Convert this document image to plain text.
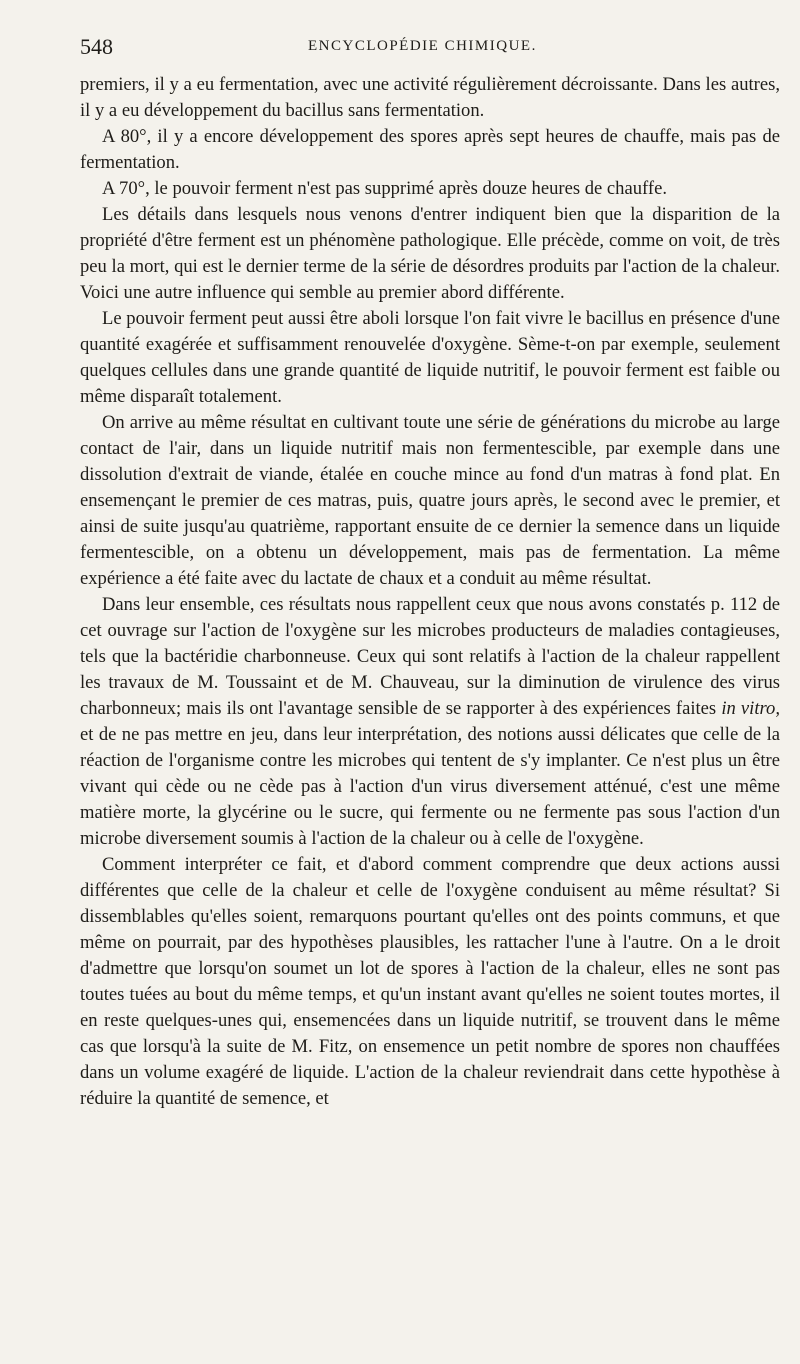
548	ENCYCLOPÉDIE CHIMIQUE.

premiers, il y a eu fermentation, avec une activité régulièrement décroissante. Dans les autres, il y a eu développement du bacillus sans fermentation.

A 80°, il y a encore développement des spores après sept heures de chauffe, mais pas de fermentation.

A 70°, le pouvoir ferment n'est pas supprimé après douze heures de chauffe.

Les détails dans lesquels nous venons d'entrer indiquent bien que la disparition de la propriété d'être ferment est un phénomène pathologique. Elle précède, comme on voit, de très peu la mort, qui est le dernier terme de la série de désordres produits par l'action de la chaleur. Voici une autre influence qui semble au premier abord différente.

Le pouvoir ferment peut aussi être aboli lorsque l'on fait vivre le bacillus en présence d'une quantité exagérée et suffisamment renouvelée d'oxygène. Sème-t-on par exemple, seulement quelques cellules dans une grande quantité de liquide nutritif, le pouvoir ferment est faible ou même disparaît totalement.

On arrive au même résultat en cultivant toute une série de générations du microbe au large contact de l'air, dans un liquide nutritif mais non fermentescible, par exemple dans une dissolution d'extrait de viande, étalée en couche mince au fond d'un matras à fond plat. En ensemençant le premier de ces matras, puis, quatre jours après, le second avec le premier, et ainsi de suite jusqu'au quatrième, rapportant ensuite de ce dernier la semence dans un liquide fermentescible, on a obtenu un développement, mais pas de fermentation. La même expérience a été faite avec du lactate de chaux et a conduit au même résultat.

Dans leur ensemble, ces résultats nous rappellent ceux que nous avons constatés p. 112 de cet ouvrage sur l'action de l'oxygène sur les microbes producteurs de maladies contagieuses, tels que la bactéridie charbonneuse. Ceux qui sont relatifs à l'action de la chaleur rappellent les travaux de M. Toussaint et de M. Chauveau, sur la diminution de virulence des virus charbonneux; mais ils ont l'avantage sensible de se rapporter à des expériences faites in vitro, et de ne pas mettre en jeu, dans leur interprétation, des notions aussi délicates que celle de la réaction de l'organisme contre les microbes qui tentent de s'y implanter. Ce n'est plus un être vivant qui cède ou ne cède pas à l'action d'un virus diversement atténué, c'est une même matière morte, la glycérine ou le sucre, qui fermente ou ne fermente pas sous l'action d'un microbe diversement soumis à l'action de la chaleur ou à celle de l'oxygène.

Comment interpréter ce fait, et d'abord comment comprendre que deux actions aussi différentes que celle de la chaleur et celle de l'oxygène conduisent au même résultat? Si dissemblables qu'elles soient, remarquons pourtant qu'elles ont des points communs, et que même on pourrait, par des hypothèses plausibles, les rattacher l'une à l'autre. On a le droit d'admettre que lorsqu'on soumet un lot de spores à l'action de la chaleur, elles ne sont pas toutes tuées au bout du même temps, et qu'un instant avant qu'elles ne soient toutes mortes, il en reste quelques-unes qui, ensemencées dans un liquide nutritif, se trouvent dans le même cas que lorsqu'à la suite de M. Fitz, on ensemence un petit nombre de spores non chauffées dans un volume exagéré de liquide. L'action de la chaleur reviendrait dans cette hypothèse à réduire la quantité de semence, et
